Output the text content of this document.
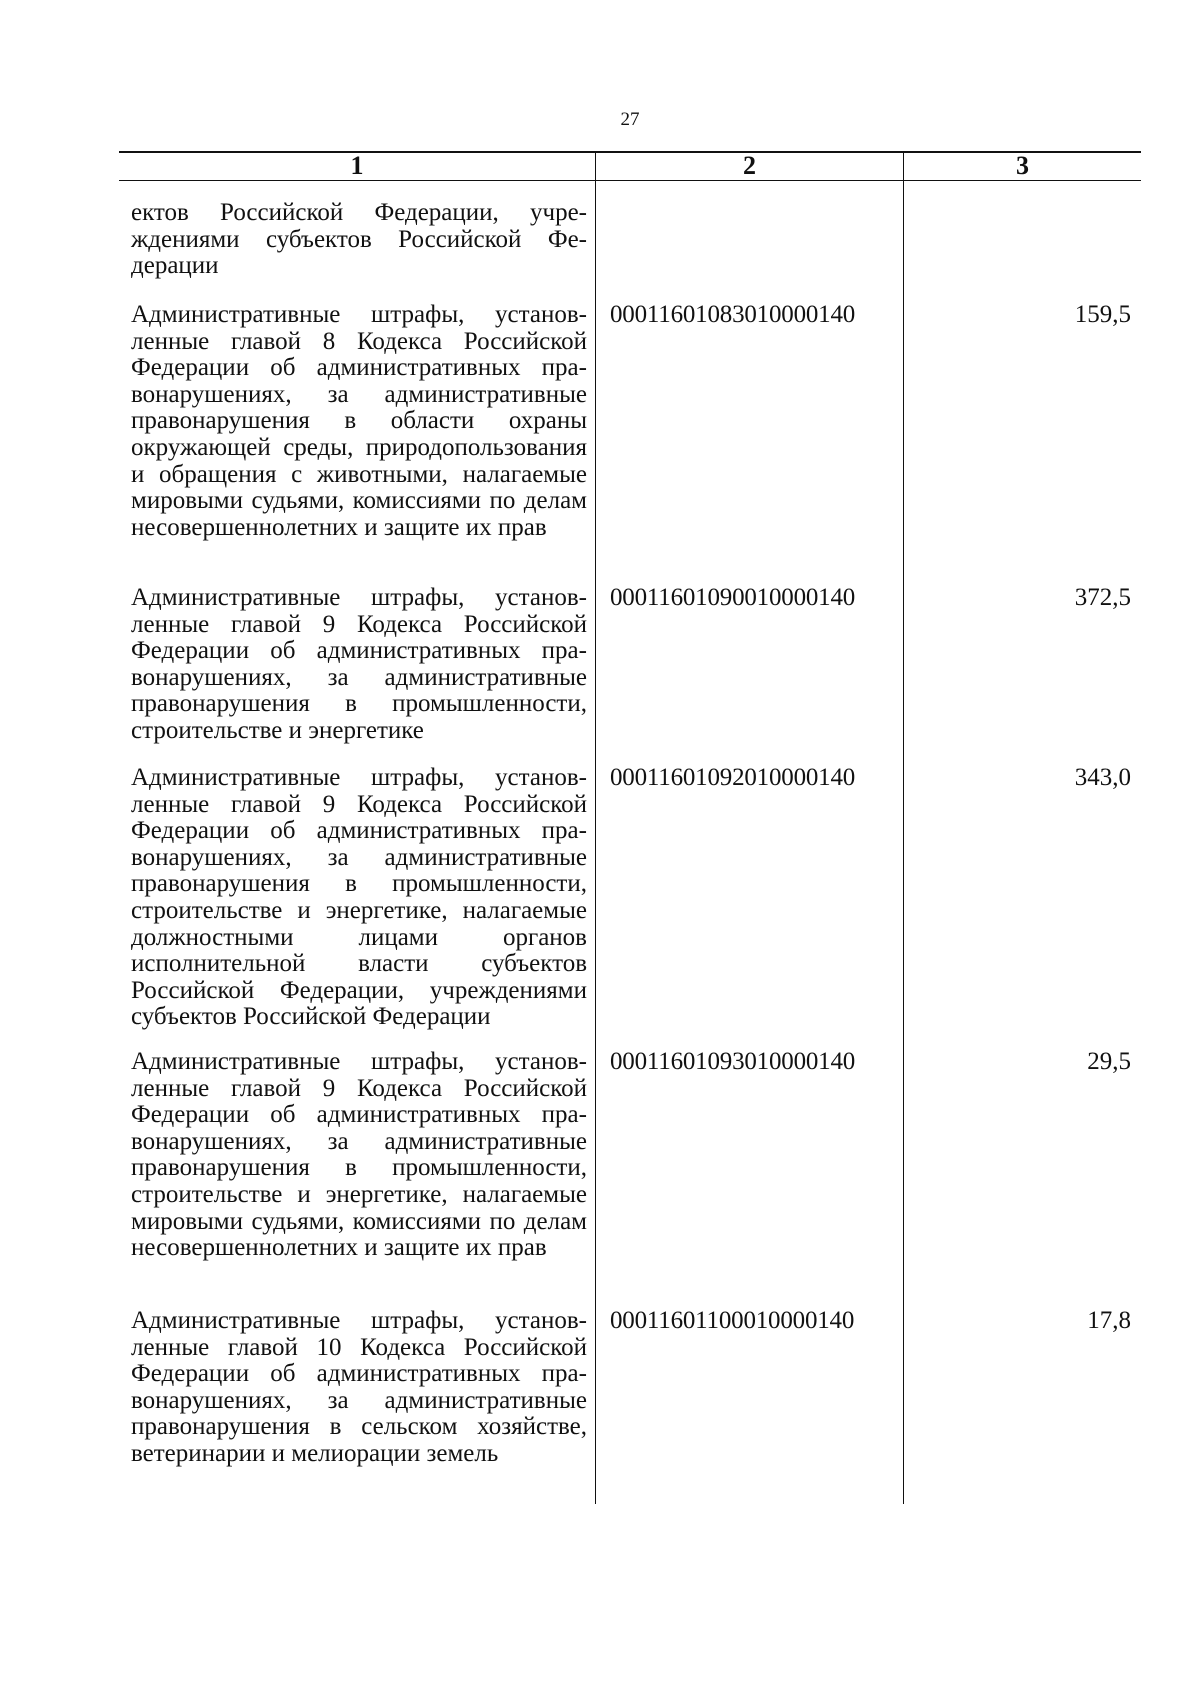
27
1	2	3
ектов Российской Федерации, учреждениями субъектов Российской Федерации
Административные штрафы, установленные главой 8 Кодекса Российской Федерации об административных правонарушениях, за административные правонарушения в области охраны окружающей среды, природопользования и обращения с животными, налагаемые мировыми судьями, комиссиями по делам несовершеннолетних и защите их прав
00011601083010000140	159,5
Административные штрафы, установленные главой 9 Кодекса Российской Федерации об административных правонарушениях, за административные правонарушения в промышленности, строительстве и энергетике
00011601090010000140	372,5
Административные штрафы, установленные главой 9 Кодекса Российской Федерации об административных правонарушениях, за административные правонарушения в промышленности, строительстве и энергетике, налагаемые должностными лицами органов исполнительной власти субъектов Российской Федерации, учреждениями субъектов Российской Федерации
00011601092010000140	343,0
Административные штрафы, установленные главой 9 Кодекса Российской Федерации об административных правонарушениях, за административные правонарушения в промышленности, строительстве и энергетике, налагаемые мировыми судьями, комиссиями по делам несовершеннолетних и защите их прав
00011601093010000140	29,5
Административные штрафы, установленные главой 10 Кодекса Российской Федерации об административных правонарушениях, за административные правонарушения в сельском хозяйстве, ветеринарии и мелиорации земель
00011601100010000140	17,8
